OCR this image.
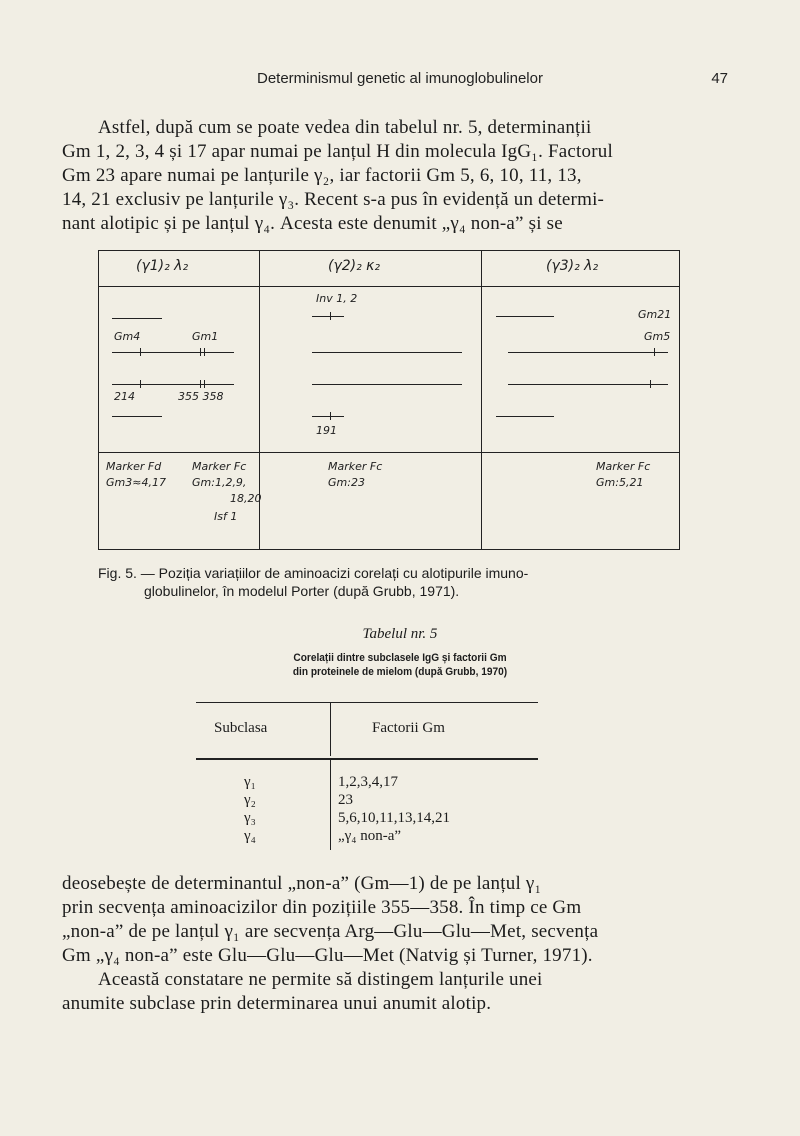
Determinismul genetic al imunoglobulinelor	47

Astfel, după cum se poate vedea din tabelul nr. 5, determinanții

Gm 1, 2, 3, 4 și 17 apar numai pe lanțul H din molecula IgG₁. Factorul

Gm 23 apare numai pe lanțurile γ₂, iar factorii Gm 5, 6, 10, 11, 13,

14, 21 exclusiv pe lanțurile γ₃. Recent s-a pus în evidență un determi-

nant alotipic și pe lanțul γ₄. Acesta este denumit „γ₄ non-a” și se

(γ1)₂ λ₂	(γ2)₂ κ₂	(γ3)₂ λ₂
Gm4	Gm1
214	355 358
Inv 1, 2
191
Gm21
Gm5
Marker Fd
Gm3≈4,17
Marker Fc
Gm:1,2,9,
18,20
Isf 1
Marker Fc
Gm:23
Marker Fc
Gm:5,21
Fig. 5. — Poziția variațiilor de aminoacizi corelați cu alotipurile imuno-
globulinelor, în modelul Porter (după Grubb, 1971).
Tabelul nr. 5
Corelații dintre subclasele IgG și factorii Gm
din proteinele de mielom (după Grubb, 1970)
Subclasa	Factorii Gm
γ₁	1,2,3,4,17
γ₂	23
γ₃	5,6,10,11,13,14,21
γ₄	„γ₄ non-a”

deosebește de determinantul „non-a” (Gm—1) de pe lanțul γ₁

prin secvența aminoacizilor din pozițiile 355—358. În timp ce Gm

„non-a” de pe lanțul γ₁ are secvența Arg—Glu—Glu—Met, secvența

Gm „γ₄ non-a” este Glu—Glu—Glu—Met (Natvig și Turner, 1971).

Această constatare ne permite să distingem lanțurile unei

anumite subclase prin determinarea unui anumit alotip.
